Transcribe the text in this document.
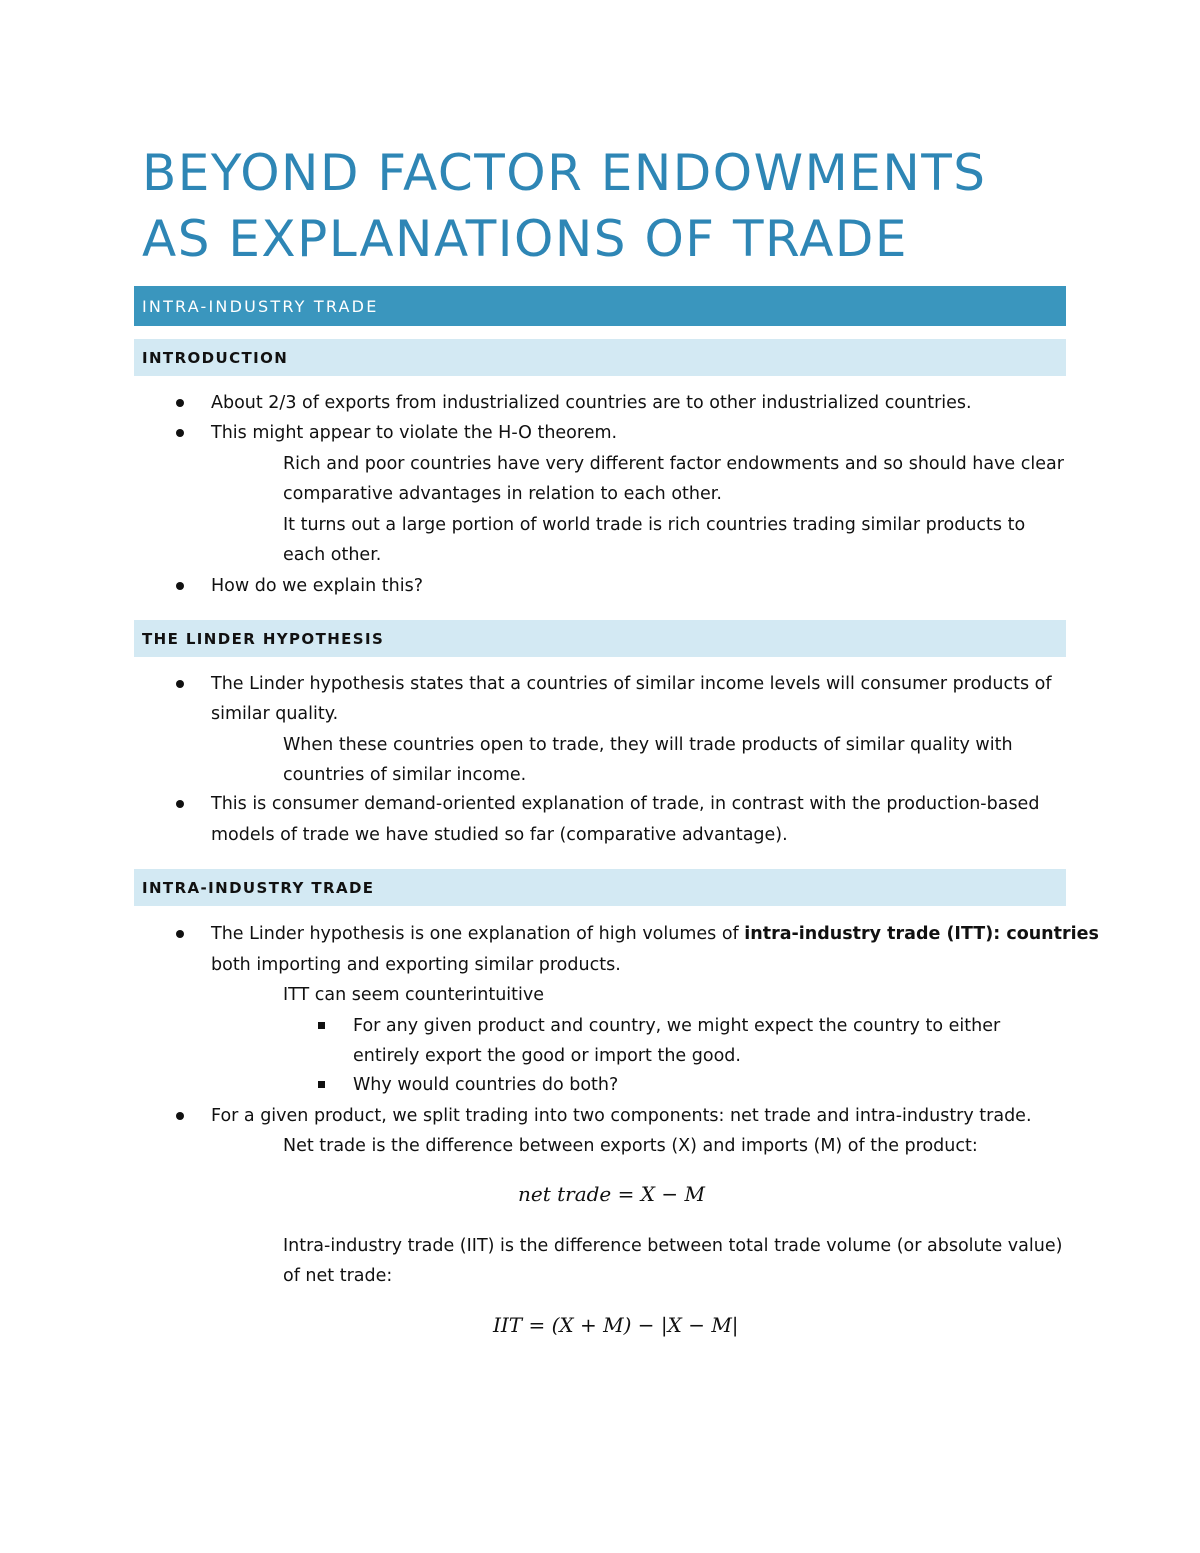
BEYOND FACTOR ENDOWMENTS
AS EXPLANATIONS OF TRADE
INTRA-INDUSTRY TRADE
INTRODUCTION
About 2/3 of exports from industrialized countries are to other industrialized countries.
This might appear to violate the H-O theorem.
Rich and poor countries have very different factor endowments and so should have clear
comparative advantages in relation to each other.
It turns out a large portion of world trade is rich countries trading similar products to
each other.
How do we explain this?
THE LINDER HYPOTHESIS
The Linder hypothesis states that a countries of similar income levels will consumer products of
similar quality.
When these countries open to trade, they will trade products of similar quality with
countries of similar income.
This is consumer demand-oriented explanation of trade, in contrast with the production-based
models of trade we have studied so far (comparative advantage).
INTRA-INDUSTRY TRADE
The Linder hypothesis is one explanation of high volumes of intra-industry trade (ITT): countries
both importing and exporting similar products.
ITT can seem counterintuitive
For any given product and country, we might expect the country to either
entirely export the good or import the good.
Why would countries do both?
For a given product, we split trading into two components: net trade and intra-industry trade.
Net trade is the difference between exports (X) and imports (M) of the product:
net trade = X − M
Intra-industry trade (IIT) is the difference between total trade volume (or absolute value)
of net trade:
IIT = (X + M) − |X − M|
